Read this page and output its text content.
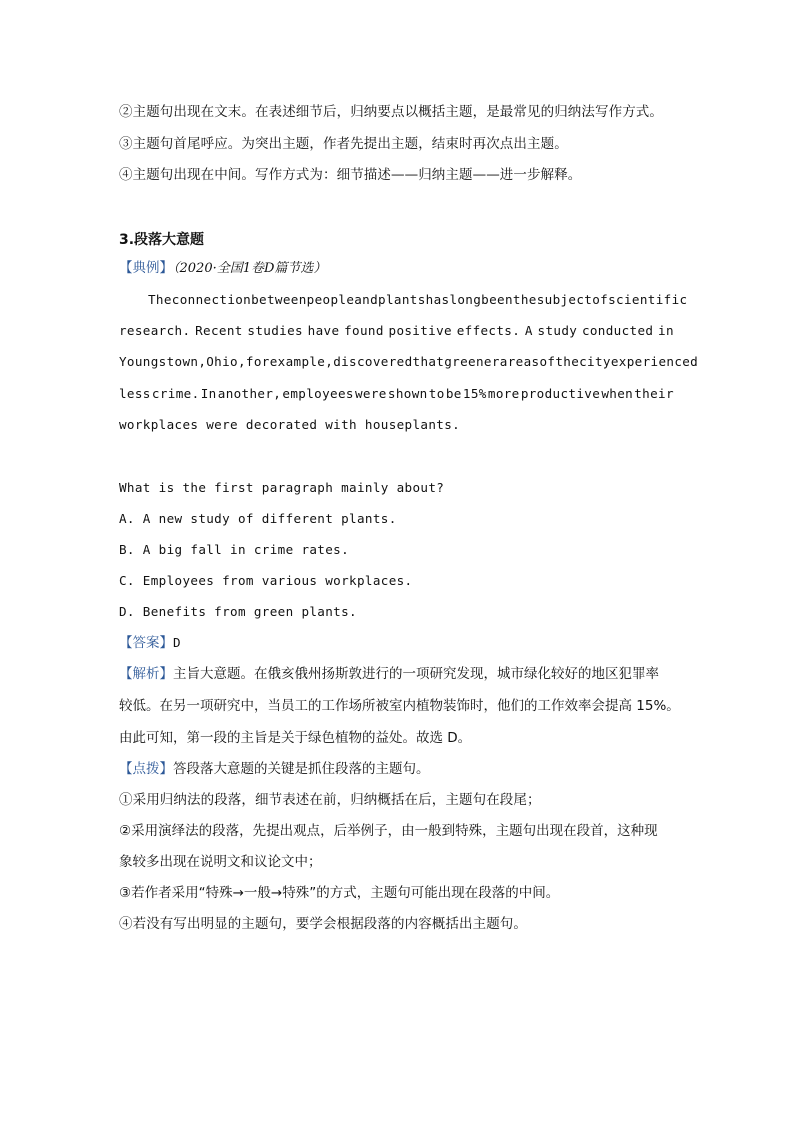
②主题句出现在文末。在表述细节后，归纳要点以概括主题，是最常见的归纳法写作方式。
③主题句首尾呼应。为突出主题，作者先提出主题，结束时再次点出主题。
④主题句出现在中间。写作方式为：细节描述——归纳主题——进一步解释。
3.段落大意题
【典例】（2020·全国1卷D篇节选）
The connection between people and plants has long been the subject of scientific
research. Recent studies have found positive effects. A study conducted in
Youngstown,Ohio,for example, discovered that greener areas of the city experienced
less crime. In another, employees were shown to be 15% more productive when their
workplaces were decorated with houseplants.
What is the first paragraph mainly about?
A. A new study of different plants.
B. A big fall in crime rates.
C. Employees from various workplaces.
D. Benefits from green plants.
【答案】D
【解析】主旨大意题。在俄亥俄州扬斯敦进行的一项研究发现，城市绿化较好的地区犯罪率
较低。在另一项研究中，当员工的工作场所被室内植物装饰时，他们的工作效率会提高 15%。
由此可知，第一段的主旨是关于绿色植物的益处。故选 D。
【点拨】答段落大意题的关键是抓住段落的主题句。
①采用归纳法的段落，细节表述在前，归纳概括在后，主题句在段尾；
②采用演绎法的段落，先提出观点，后举例子，由一般到特殊，主题句出现在段首，这种现
象较多出现在说明文和议论文中；
③若作者采用“特殊→一般→特殊”的方式，主题句可能出现在段落的中间。
④若没有写出明显的主题句，要学会根据段落的内容概括出主题句。
